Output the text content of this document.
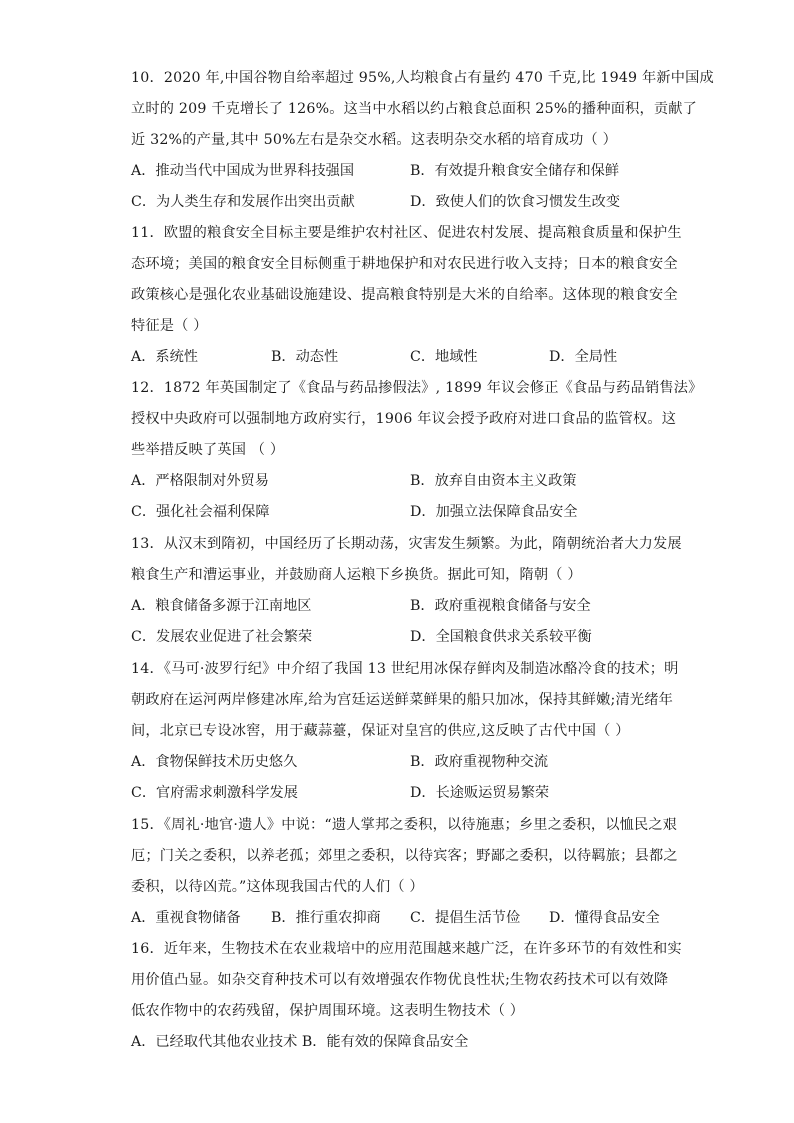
10．2020 年,中国谷物自给率超过 95%,人均粮食占有量约 470 千克,比 1949 年新中国成
立时的 209 千克增长了 126%。这当中水稻以约占粮食总面积 25%的播种面积，贡献了
近 32%的产量,其中 50%左右是杂交水稻。这表明杂交水稻的培育成功（ ）
A．推动当代中国成为世界科技强国	B．有效提升粮食安全储存和保鲜
C．为人类生存和发展作出突出贡献	D．致使人们的饮食习惯发生改变
11．欧盟的粮食安全目标主要是维护农村社区、促进农村发展、提高粮食质量和保护生
态环境；美国的粮食安全目标侧重于耕地保护和对农民进行收入支持；日本的粮食安全
政策核心是强化农业基础设施建设、提高粮食特别是大米的自给率。这体现的粮食安全
特征是（ ）
A．系统性	B．动态性	C．地域性	D．全局性
12．1872 年英国制定了《食品与药品掺假法》, 1899 年议会修正《食品与药品销售法》
授权中央政府可以强制地方政府实行，1906 年议会授予政府对进口食品的监管权。这
些举措反映了英国 （ ）
A．严格限制对外贸易	B．放弃自由资本主义政策
C．强化社会福利保障	D．加强立法保障食品安全
13．从汉末到隋初，中国经历了长期动荡，灾害发生频繁。为此，隋朝统治者大力发展
粮食生产和漕运事业，并鼓励商人运粮下乡换货。据此可知，隋朝（ ）
A．粮食储备多源于江南地区	B．政府重视粮食储备与安全
C．发展农业促进了社会繁荣	D．全国粮食供求关系较平衡
14．《马可·波罗行纪》中介绍了我国 13 世纪用冰保存鲜肉及制造冰酪冷食的技术；明
朝政府在运河两岸修建冰库,给为宫廷运送鲜菜鲜果的船只加冰，保持其鲜嫩;清光绪年
间，北京已专设冰窖，用于藏蒜薹，保证对皇宫的供应,这反映了古代中国（ ）
A．食物保鲜技术历史悠久	B．政府重视物种交流
C．官府需求刺激科学发展	D．长途贩运贸易繁荣
15．《周礼·地官·遗人》中说：“遗人掌邦之委积，以待施惠；乡里之委积，以恤民之艰
厄；门关之委积，以养老孤；郊里之委积，以待宾客；野鄙之委积，以待羁旅；县都之
委积，以待凶荒。”这体现我国古代的人们（ ）
A．重视食物储备 B．推行重农抑商 C．提倡生活节俭 D．懂得食品安全
16．近年来，生物技术在农业栽培中的应用范围越来越广泛，在许多环节的有效性和实
用价值凸显。如杂交育种技术可以有效增强农作物优良性状;生物农药技术可以有效降
低农作物中的农药残留，保护周围环境。这表明生物技术（ ）
A．已经取代其他农业技术 B．能有效的保障食品安全
